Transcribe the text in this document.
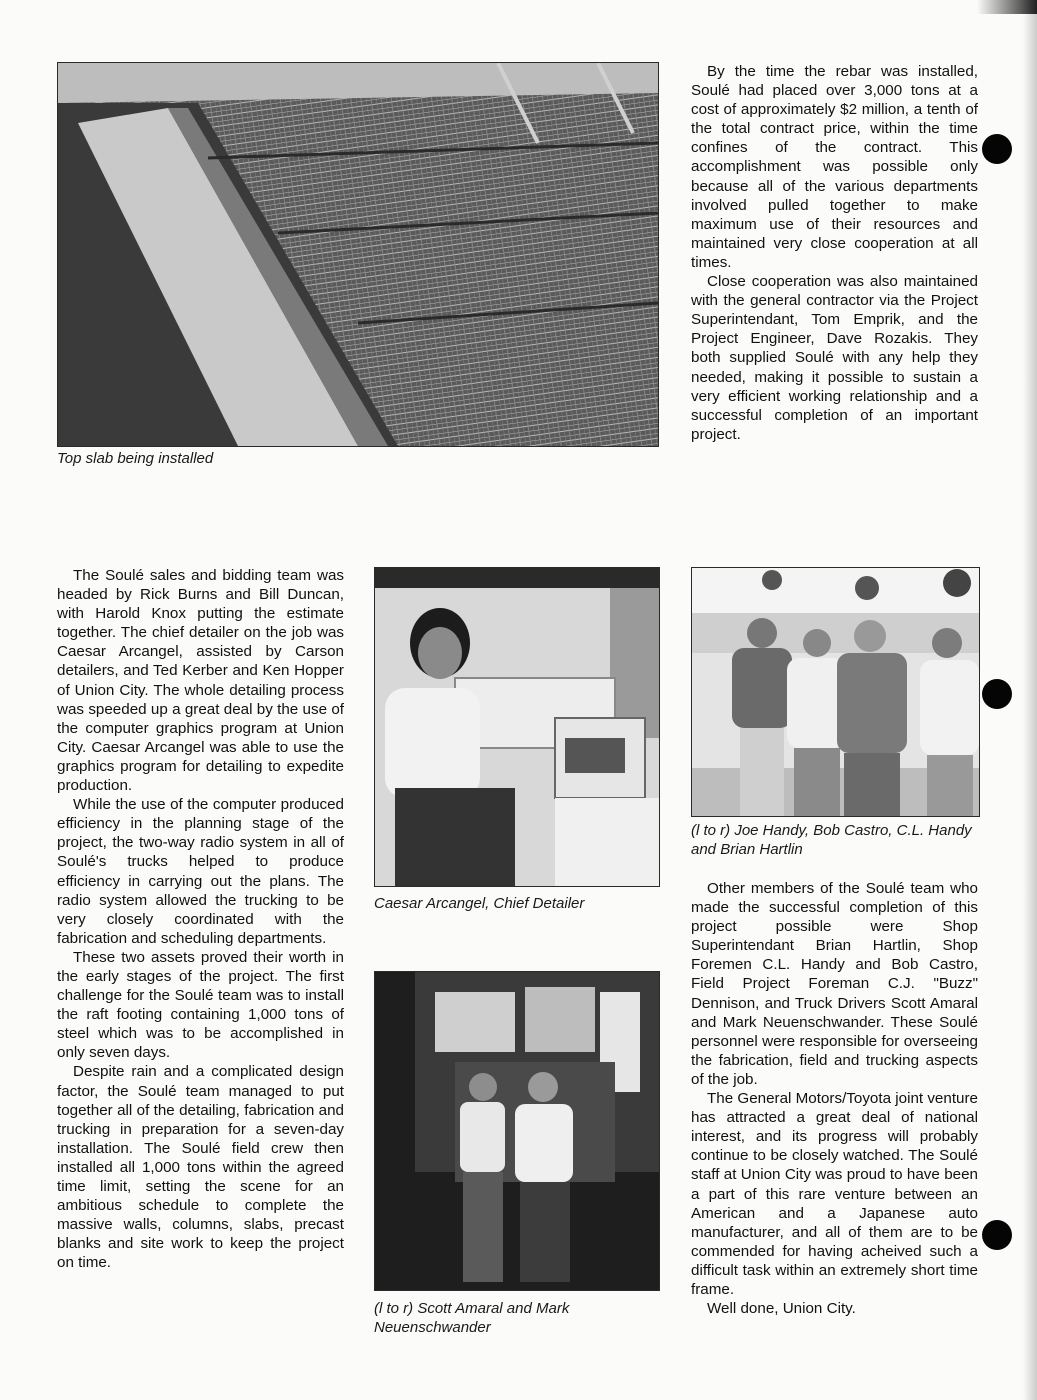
Top slab being installed

By the time the rebar was installed, Soulé had placed over 3,000 tons at a cost of approximately $2 million, a tenth of the total contract price, within the time confines of the contract. This accomplishment was possible only because all of the various departments involved pulled together to make maximum use of their resources and maintained very close cooperation at all times.

Close cooperation was also maintained with the general contractor via the Project Superintendant, Tom Emprik, and the Project Engineer, Dave Rozakis. They both supplied Soulé with any help they needed, making it possible to sustain a very efficient working relationship and a successful completion of an important project.

The Soulé sales and bidding team was headed by Rick Burns and Bill Duncan, with Harold Knox putting the estimate together. The chief detailer on the job was Caesar Arcangel, assisted by Carson detailers, and Ted Kerber and Ken Hopper of Union City. The whole detailing process was speeded up a great deal by the use of the computer graphics program at Union City. Caesar Arcangel was able to use the graphics program for detailing to expedite production.

While the use of the computer produced efficiency in the planning stage of the project, the two-way radio system in all of Soulé's trucks helped to produce efficiency in carrying out the plans. The radio system allowed the trucking to be very closely coordinated with the fabrication and scheduling departments.

These two assets proved their worth in the early stages of the project. The first challenge for the Soulé team was to install the raft footing containing 1,000 tons of steel which was to be accomplished in only seven days.

Despite rain and a complicated design factor, the Soulé team managed to put together all of the detailing, fabrication and trucking in preparation for a seven-day installation. The Soulé field crew then installed all 1,000 tons within the agreed time limit, setting the scene for an ambitious schedule to complete the massive walls, columns, slabs, precast blanks and site work to keep the project on time.

Caesar Arcangel, Chief Detailer
(l to r) Scott Amaral and Mark Neuenschwander
(l to r) Joe Handy, Bob Castro, C.L. Handy and Brian Hartlin

Other members of the Soulé team who made the successful completion of this project possible were Shop Superintendant Brian Hartlin, Shop Foremen C.L. Handy and Bob Castro, Field Project Foreman C.J. "Buzz" Dennison, and Truck Drivers Scott Amaral and Mark Neuenschwander. These Soulé personnel were responsible for overseeing the fabrication, field and trucking aspects of the job.

The General Motors/Toyota joint venture has attracted a great deal of national interest, and its progress will probably continue to be closely watched. The Soulé staff at Union City was proud to have been a part of this rare venture between an American and a Japanese auto manufacturer, and all of them are to be commended for having acheived such a difficult task within an extremely short time frame.

Well done, Union City.
